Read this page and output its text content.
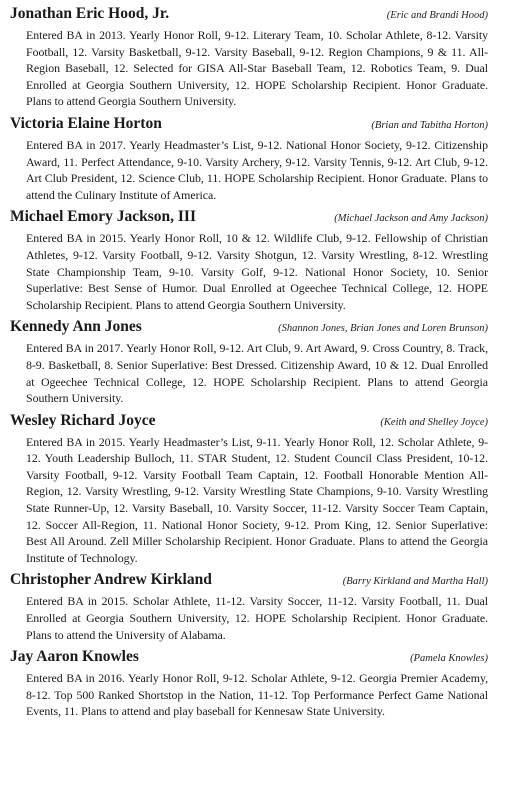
Jonathan Eric Hood, Jr.	(Eric and Brandi Hood)

Entered BA in 2013. Yearly Honor Roll, 9-12. Literary Team, 10. Scholar Athlete, 8-12. Varsity Football, 12. Varsity Basketball, 9-12. Varsity Baseball, 9-12. Region Champions, 9 & 11. All-Region Baseball, 12. Selected for GISA All-Star Baseball Team, 12. Robotics Team, 9. Dual Enrolled at Georgia Southern University, 12. HOPE Scholarship Recipient. Honor Graduate. Plans to attend Georgia Southern University.

Victoria Elaine Horton	(Brian and Tabitha Horton)

Entered BA in 2017. Yearly Headmaster’s List, 9-12. National Honor Society, 9-12. Citizenship Award, 11. Perfect Attendance, 9-10. Varsity Archery, 9-12. Varsity Tennis, 9-12. Art Club, 9-12. Art Club President, 12. Science Club, 11. HOPE Scholarship Recipient. Honor Graduate. Plans to attend the Culinary Institute of America.

Michael Emory Jackson, III	(Michael Jackson and Amy Jackson)

Entered BA in 2015. Yearly Honor Roll, 10 & 12. Wildlife Club, 9-12. Fellowship of Christian Athletes, 9-12. Varsity Football, 9-12. Varsity Shotgun, 12. Varsity Wrestling, 8-12. Wrestling State Championship Team, 9-10. Varsity Golf, 9-12. National Honor Society, 10. Senior Superlative: Best Sense of Humor. Dual Enrolled at Ogeechee Technical College, 12. HOPE Scholarship Recipient. Plans to attend Georgia Southern University.

Kennedy Ann Jones	(Shannon Jones, Brian Jones and Loren Brunson)

Entered BA in 2017. Yearly Honor Roll, 9-12. Art Club, 9. Art Award, 9. Cross Country, 8. Track, 8-9. Basketball, 8. Senior Superlative: Best Dressed. Citizenship Award, 10 & 12. Dual Enrolled at Ogeechee Technical College, 12. HOPE Scholarship Recipient. Plans to attend Georgia Southern University.

Wesley Richard Joyce	(Keith and Shelley Joyce)

Entered BA in 2015. Yearly Headmaster’s List, 9-11. Yearly Honor Roll, 12. Scholar Athlete, 9-12. Youth Leadership Bulloch, 11. STAR Student, 12. Student Council Class President, 10-12. Varsity Football, 9-12. Varsity Football Team Captain, 12. Football Honorable Mention All-Region, 12. Varsity Wrestling, 9-12. Varsity Wrestling State Champions, 9-10. Varsity Wrestling State Runner-Up, 12. Varsity Baseball, 10. Varsity Soccer, 11-12. Varsity Soccer Team Captain, 12. Soccer All-Region, 11. National Honor Society, 9-12. Prom King, 12. Senior Superlative: Best All Around. Zell Miller Scholarship Recipient. Honor Graduate. Plans to attend the Georgia Institute of Technology.

Christopher Andrew Kirkland	(Barry Kirkland and Martha Hall)

Entered BA in 2015. Scholar Athlete, 11-12. Varsity Soccer, 11-12. Varsity Football, 11. Dual Enrolled at Georgia Southern University, 12. HOPE Scholarship Recipient. Honor Graduate. Plans to attend the University of Alabama.

Jay Aaron Knowles	(Pamela Knowles)

Entered BA in 2016. Yearly Honor Roll, 9-12. Scholar Athlete, 9-12. Georgia Premier Academy, 8-12. Top 500 Ranked Shortstop in the Nation, 11-12. Top Performance Perfect Game National Events, 11. Plans to attend and play baseball for Kennesaw State University.
